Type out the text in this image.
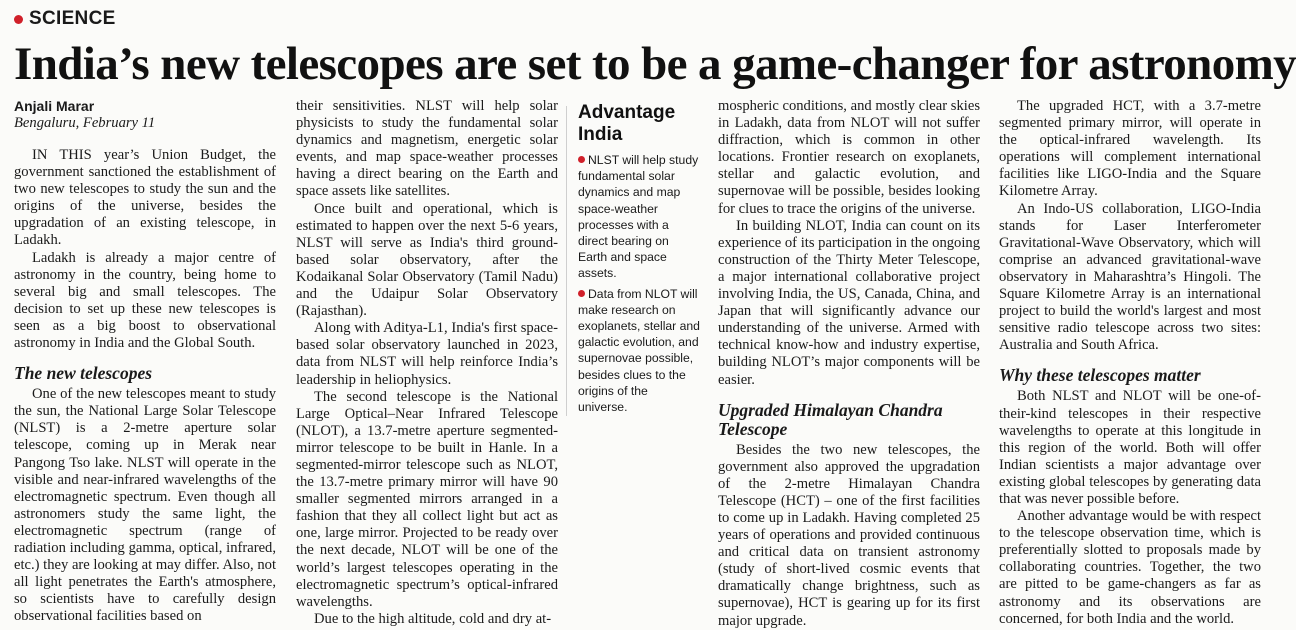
SCIENCE
India’s new telescopes are set to be a game-changer for astronomy
Anjali Marar
Bengaluru, February 11

IN THIS year’s Union Budget, the government sanctioned the establishment of two new telescopes to study the sun and the origins of the universe, besides the upgradation of an existing telescope, in Ladakh.

Ladakh is already a major centre of astronomy in the country, being home to several big and small telescopes. The decision to set up these new telescopes is seen as a big boost to observational astronomy in India and the Global South.

The new telescopes

One of the new telescopes meant to study the sun, the National Large Solar Telescope (NLST) is a 2-metre aperture solar telescope, coming up in Merak near Pangong Tso lake. NLST will operate in the visible and near-infrared wavelengths of the electromagnetic spectrum. Even though all astronomers study the same light, the electromagnetic spectrum (range of radiation including gamma, optical, infrared, etc.) they are looking at may differ. Also, not all light penetrates the Earth's atmosphere, so scientists have to carefully design observational facilities based on

their sensitivities. NLST will help solar physicists to study the fundamental solar dynamics and magnetism, energetic solar events, and map space-weather processes having a direct bearing on the Earth and space assets like satellites.

Once built and operational, which is estimated to happen over the next 5-6 years, NLST will serve as India's third ground-based solar observatory, after the Kodaikanal Solar Observatory (Tamil Nadu) and the Udaipur Solar Observatory (Rajasthan).

Along with Aditya-L1, India's first space-based solar observatory launched in 2023, data from NLST will help reinforce India’s leadership in heliophysics.

The second telescope is the National Large Optical–Near Infrared Telescope (NLOT), a 13.7-metre aperture segmented-mirror telescope to be built in Hanle. In a segmented-mirror telescope such as NLOT, the 13.7-metre primary mirror will have 90 smaller segmented mirrors arranged in a fashion that they all collect light but act as one, large mirror. Projected to be ready over the next decade, NLOT will be one of the world’s largest telescopes operating in the electromagnetic spectrum’s optical-infrared wavelengths.

Due to the high altitude, cold and dry at-

Advantage India
NLST will help study fundamental solar dynamics and map space-weather processes with a direct bearing on Earth and space assets.
Data from NLOT will make research on exoplanets, stellar and galactic evolution, and supernovae possible, besides clues to the origins of the universe.

mospheric conditions, and mostly clear skies in Ladakh, data from NLOT will not suffer diffraction, which is common in other locations. Frontier research on exoplanets, stellar and galactic evolution, and supernovae will be possible, besides looking for clues to trace the origins of the universe.

In building NLOT, India can count on its experience of its participation in the ongoing construction of the Thirty Meter Telescope, a major international collaborative project involving India, the US, Canada, China, and Japan that will significantly advance our understanding of the universe. Armed with technical know-how and industry expertise, building NLOT’s major components will be easier.

Upgraded Himalayan Chandra Telescope

Besides the two new telescopes, the government also approved the upgradation of the 2-metre Himalayan Chandra Telescope (HCT) – one of the first facilities to come up in Ladakh. Having completed 25 years of operations and provided continuous and critical data on transient astronomy (study of short-lived cosmic events that dramatically change brightness, such as supernovae), HCT is gearing up for its first major upgrade.

The upgraded HCT, with a 3.7-metre segmented primary mirror, will operate in the optical-infrared wavelength. Its operations will complement international facilities like LIGO-India and the Square Kilometre Array.

An Indo-US collaboration, LIGO-India stands for Laser Interferometer Gravitational-Wave Observatory, which will comprise an advanced gravitational-wave observatory in Maharashtra’s Hingoli. The Square Kilometre Array is an international project to build the world's largest and most sensitive radio telescope across two sites: Australia and South Africa.

Why these telescopes matter

Both NLST and NLOT will be one-of-their-kind telescopes in their respective wavelengths to operate at this longitude in this region of the world. Both will offer Indian scientists a major advantage over existing global telescopes by generating data that was never possible before.

Another advantage would be with respect to the telescope observation time, which is preferentially slotted to proposals made by collaborating countries. Together, the two are pitted to be game-changers as far as astronomy and its observations are concerned, for both India and the world.
